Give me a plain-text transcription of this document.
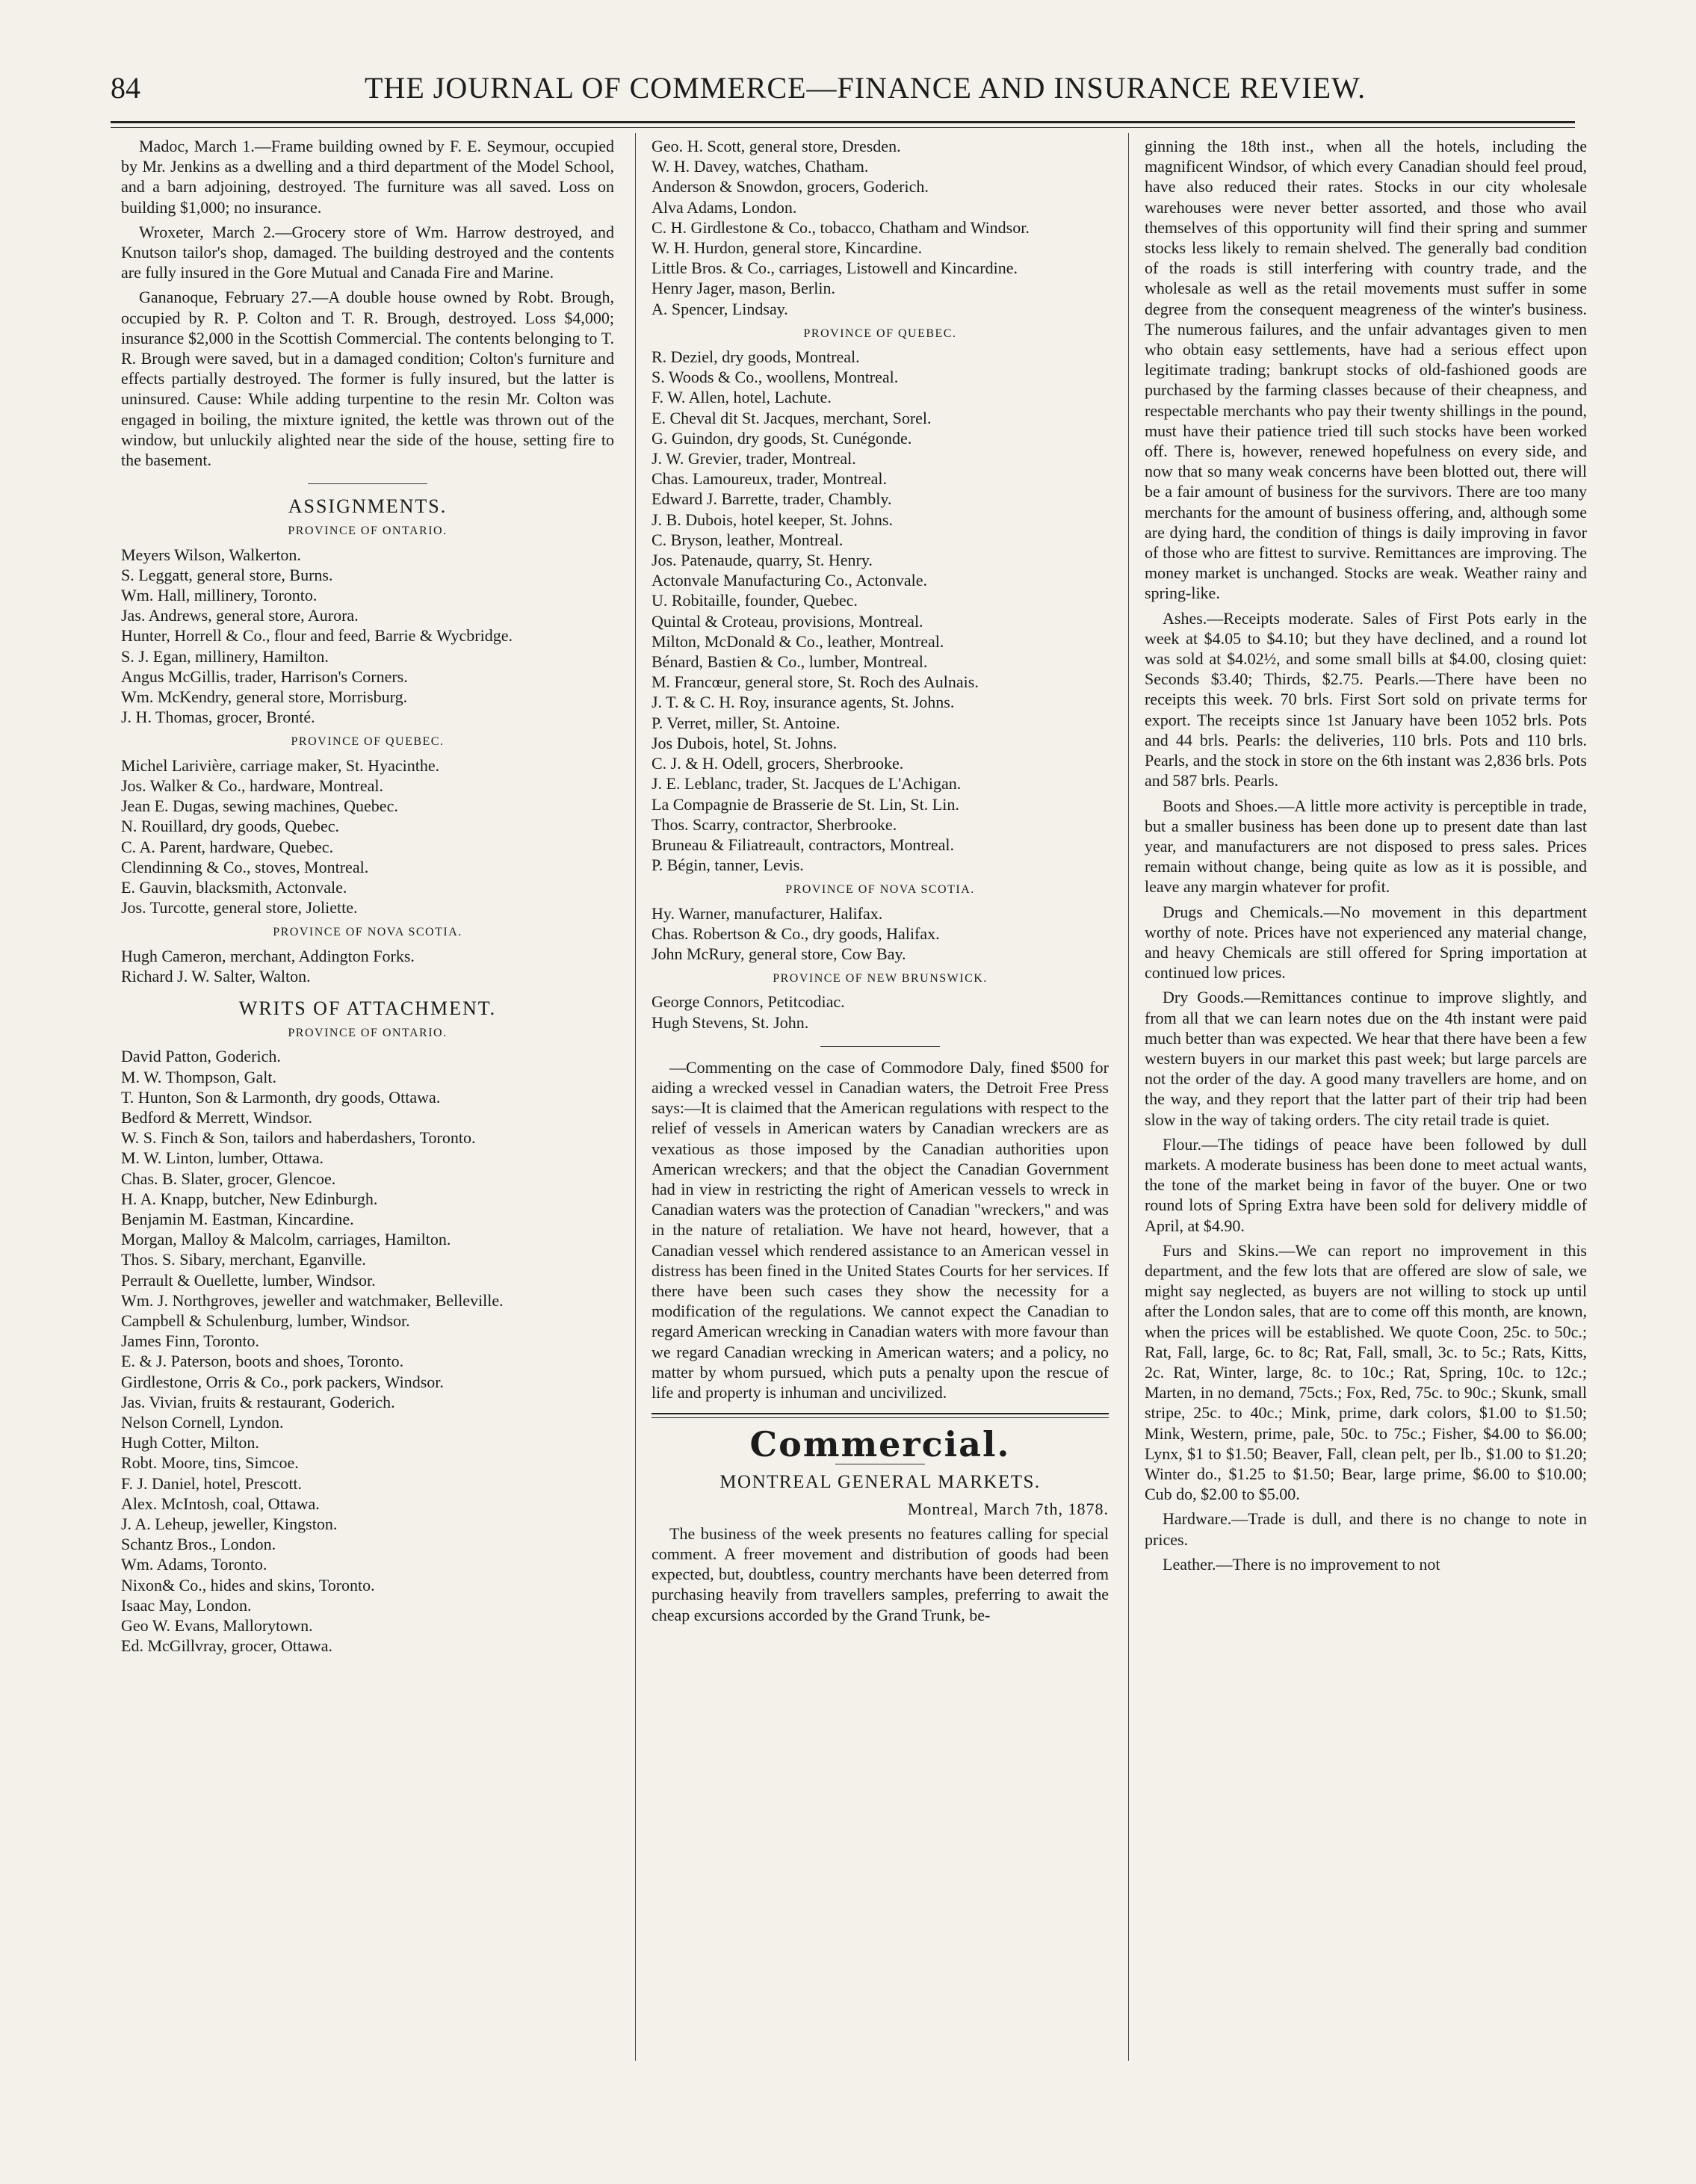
84	THE JOURNAL OF COMMERCE—FINANCE AND INSURANCE REVIEW.

Madoc, March 1.—Frame building owned by F. E. Seymour, occupied by Mr. Jenkins as a dwelling and a third department of the Model School, and a barn adjoining, destroyed. The furniture was all saved. Loss on building $1,000; no insurance.

Wroxeter, March 2.—Grocery store of Wm. Harrow destroyed, and Knutson tailor's shop, damaged. The building destroyed and the contents are fully insured in the Gore Mutual and Canada Fire and Marine.

Gananoque, February 27.—A double house owned by Robt. Brough, occupied by R. P. Colton and T. R. Brough, destroyed. Loss $4,000; insurance $2,000 in the Scottish Commercial. The contents belonging to T. R. Brough were saved, but in a damaged condition; Colton's furniture and effects partially destroyed. The former is fully insured, but the latter is uninsured. Cause: While adding turpentine to the resin Mr. Colton was engaged in boiling, the mixture ignited, the kettle was thrown out of the window, but unluckily alighted near the side of the house, setting fire to the basement.

ASSIGNMENTS.
PROVINCE OF ONTARIO.
Meyers Wilson, Walkerton.
S. Leggatt, general store, Burns.
Wm. Hall, millinery, Toronto.
Jas. Andrews, general store, Aurora.
Hunter, Horrell & Co., flour and feed, Barrie & Wycbridge.
S. J. Egan, millinery, Hamilton.
Angus McGillis, trader, Harrison's Corners.
Wm. McKendry, general store, Morrisburg.
J. H. Thomas, grocer, Bronté.
PROVINCE OF QUEBEC.
Michel Larivière, carriage maker, St. Hyacinthe.
Jos. Walker & Co., hardware, Montreal.
Jean E. Dugas, sewing machines, Quebec.
N. Rouillard, dry goods, Quebec.
C. A. Parent, hardware, Quebec.
Clendinning & Co., stoves, Montreal.
E. Gauvin, blacksmith, Actonvale.
Jos. Turcotte, general store, Joliette.
PROVINCE OF NOVA SCOTIA.
Hugh Cameron, merchant, Addington Forks.
Richard J. W. Salter, Walton.
WRITS OF ATTACHMENT.
PROVINCE OF ONTARIO.
David Patton, Goderich.
M. W. Thompson, Galt.
T. Hunton, Son & Larmonth, dry goods, Ottawa.
Bedford & Merrett, Windsor.
W. S. Finch & Son, tailors and haberdashers, Toronto.
M. W. Linton, lumber, Ottawa.
Chas. B. Slater, grocer, Glencoe.
H. A. Knapp, butcher, New Edinburgh.
Benjamin M. Eastman, Kincardine.
Morgan, Malloy & Malcolm, carriages, Hamilton.
Thos. S. Sibary, merchant, Eganville.
Perrault & Ouellette, lumber, Windsor.
Wm. J. Northgroves, jeweller and watchmaker, Belleville.
Campbell & Schulenburg, lumber, Windsor.
James Finn, Toronto.
E. & J. Paterson, boots and shoes, Toronto.
Girdlestone, Orris & Co., pork packers, Windsor.
Jas. Vivian, fruits & restaurant, Goderich.
Nelson Cornell, Lyndon.
Hugh Cotter, Milton.
Robt. Moore, tins, Simcoe.
F. J. Daniel, hotel, Prescott.
Alex. McIntosh, coal, Ottawa.
J. A. Leheup, jeweller, Kingston.
Schantz Bros., London.
Wm. Adams, Toronto.
Nixon& Co., hides and skins, Toronto.
Isaac May, London.
Geo W. Evans, Mallorytown.
Ed. McGillvray, grocer, Ottawa.
Geo. H. Scott, general store, Dresden.
W. H. Davey, watches, Chatham.
Anderson & Snowdon, grocers, Goderich.
Alva Adams, London.
C. H. Girdlestone & Co., tobacco, Chatham and Windsor.
W. H. Hurdon, general store, Kincardine.
Little Bros. & Co., carriages, Listowell and Kincardine.
Henry Jager, mason, Berlin.
A. Spencer, Lindsay.
PROVINCE OF QUEBEC.
R. Deziel, dry goods, Montreal.
S. Woods & Co., woollens, Montreal.
F. W. Allen, hotel, Lachute.
E. Cheval dit St. Jacques, merchant, Sorel.
G. Guindon, dry goods, St. Cunégonde.
J. W. Grevier, trader, Montreal.
Chas. Lamoureux, trader, Montreal.
Edward J. Barrette, trader, Chambly.
J. B. Dubois, hotel keeper, St. Johns.
C. Bryson, leather, Montreal.
Jos. Patenaude, quarry, St. Henry.
Actonvale Manufacturing Co., Actonvale.
U. Robitaille, founder, Quebec.
Quintal & Croteau, provisions, Montreal.
Milton, McDonald & Co., leather, Montreal.
Bénard, Bastien & Co., lumber, Montreal.
M. Francœur, general store, St. Roch des Aulnais.
J. T. & C. H. Roy, insurance agents, St. Johns.
P. Verret, miller, St. Antoine.
Jos Dubois, hotel, St. Johns.
C. J. & H. Odell, grocers, Sherbrooke.
J. E. Leblanc, trader, St. Jacques de L'Achigan.
La Compagnie de Brasserie de St. Lin, St. Lin.
Thos. Scarry, contractor, Sherbrooke.
Bruneau & Filiatreault, contractors, Montreal.
P. Bégin, tanner, Levis.
PROVINCE OF NOVA SCOTIA.
Hy. Warner, manufacturer, Halifax.
Chas. Robertson & Co., dry goods, Halifax.
John McRury, general store, Cow Bay.
PROVINCE OF NEW BRUNSWICK.
George Connors, Petitcodiac.
Hugh Stevens, St. John.

—Commenting on the case of Commodore Daly, fined $500 for aiding a wrecked vessel in Canadian waters, the Detroit Free Press says:—It is claimed that the American regulations with respect to the relief of vessels in American waters by Canadian wreckers are as vexatious as those imposed by the Canadian authorities upon American wreckers; and that the object the Canadian Government had in view in restricting the right of American vessels to wreck in Canadian waters was the protection of Canadian "wreckers," and was in the nature of retaliation. We have not heard, however, that a Canadian vessel which rendered assistance to an American vessel in distress has been fined in the United States Courts for her services. If there have been such cases they show the necessity for a modification of the regulations. We cannot expect the Canadian to regard American wrecking in Canadian waters with more favour than we regard Canadian wrecking in American waters; and a policy, no matter by whom pursued, which puts a penalty upon the rescue of life and property is inhuman and uncivilized.

Commercial.
MONTREAL GENERAL MARKETS.
Montreal, March 7th, 1878.

The business of the week presents no features calling for special comment. A freer movement and distribution of goods had been expected, but, doubtless, country merchants have been deterred from purchasing heavily from travellers samples, preferring to await the cheap excursions accorded by the Grand Trunk, be-

ginning the 18th inst., when all the hotels, including the magnificent Windsor, of which every Canadian should feel proud, have also reduced their rates. Stocks in our city wholesale warehouses were never better assorted, and those who avail themselves of this opportunity will find their spring and summer stocks less likely to remain shelved. The generally bad condition of the roads is still interfering with country trade, and the wholesale as well as the retail movements must suffer in some degree from the consequent meagreness of the winter's business. The numerous failures, and the unfair advantages given to men who obtain easy settlements, have had a serious effect upon legitimate trading; bankrupt stocks of old-fashioned goods are purchased by the farming classes because of their cheapness, and respectable merchants who pay their twenty shillings in the pound, must have their patience tried till such stocks have been worked off. There is, however, renewed hopefulness on every side, and now that so many weak concerns have been blotted out, there will be a fair amount of business for the survivors. There are too many merchants for the amount of business offering, and, although some are dying hard, the condition of things is daily improving in favor of those who are fittest to survive. Remittances are improving. The money market is unchanged. Stocks are weak. Weather rainy and spring-like.

Ashes.—Receipts moderate. Sales of First Pots early in the week at $4.05 to $4.10; but they have declined, and a round lot was sold at $4.02½, and some small bills at $4.00, closing quiet: Seconds $3.40; Thirds, $2.75. Pearls.—There have been no receipts this week. 70 brls. First Sort sold on private terms for export. The receipts since 1st January have been 1052 brls. Pots and 44 brls. Pearls: the deliveries, 110 brls. Pots and 110 brls. Pearls, and the stock in store on the 6th instant was 2,836 brls. Pots and 587 brls. Pearls.

Boots and Shoes.—A little more activity is perceptible in trade, but a smaller business has been done up to present date than last year, and manufacturers are not disposed to press sales. Prices remain without change, being quite as low as it is possible, and leave any margin whatever for profit.

Drugs and Chemicals.—No movement in this department worthy of note. Prices have not experienced any material change, and heavy Chemicals are still offered for Spring importation at continued low prices.

Dry Goods.—Remittances continue to improve slightly, and from all that we can learn notes due on the 4th instant were paid much better than was expected. We hear that there have been a few western buyers in our market this past week; but large parcels are not the order of the day. A good many travellers are home, and on the way, and they report that the latter part of their trip had been slow in the way of taking orders. The city retail trade is quiet.

Flour.—The tidings of peace have been followed by dull markets. A moderate business has been done to meet actual wants, the tone of the market being in favor of the buyer. One or two round lots of Spring Extra have been sold for delivery middle of April, at $4.90.

Furs and Skins.—We can report no improvement in this department, and the few lots that are offered are slow of sale, we might say neglected, as buyers are not willing to stock up until after the London sales, that are to come off this month, are known, when the prices will be established. We quote Coon, 25c. to 50c.; Rat, Fall, large, 6c. to 8c; Rat, Fall, small, 3c. to 5c.; Rats, Kitts, 2c. Rat, Winter, large, 8c. to 10c.; Rat, Spring, 10c. to 12c.; Marten, in no demand, 75cts.; Fox, Red, 75c. to 90c.; Skunk, small stripe, 25c. to 40c.; Mink, prime, dark colors, $1.00 to $1.50; Mink, Western, prime, pale, 50c. to 75c.; Fisher, $4.00 to $6.00; Lynx, $1 to $1.50; Beaver, Fall, clean pelt, per lb., $1.00 to $1.20; Winter do., $1.25 to $1.50; Bear, large prime, $6.00 to $10.00; Cub do, $2.00 to $5.00.

Hardware.—Trade is dull, and there is no change to note in prices.

Leather.—There is no improvement to not
